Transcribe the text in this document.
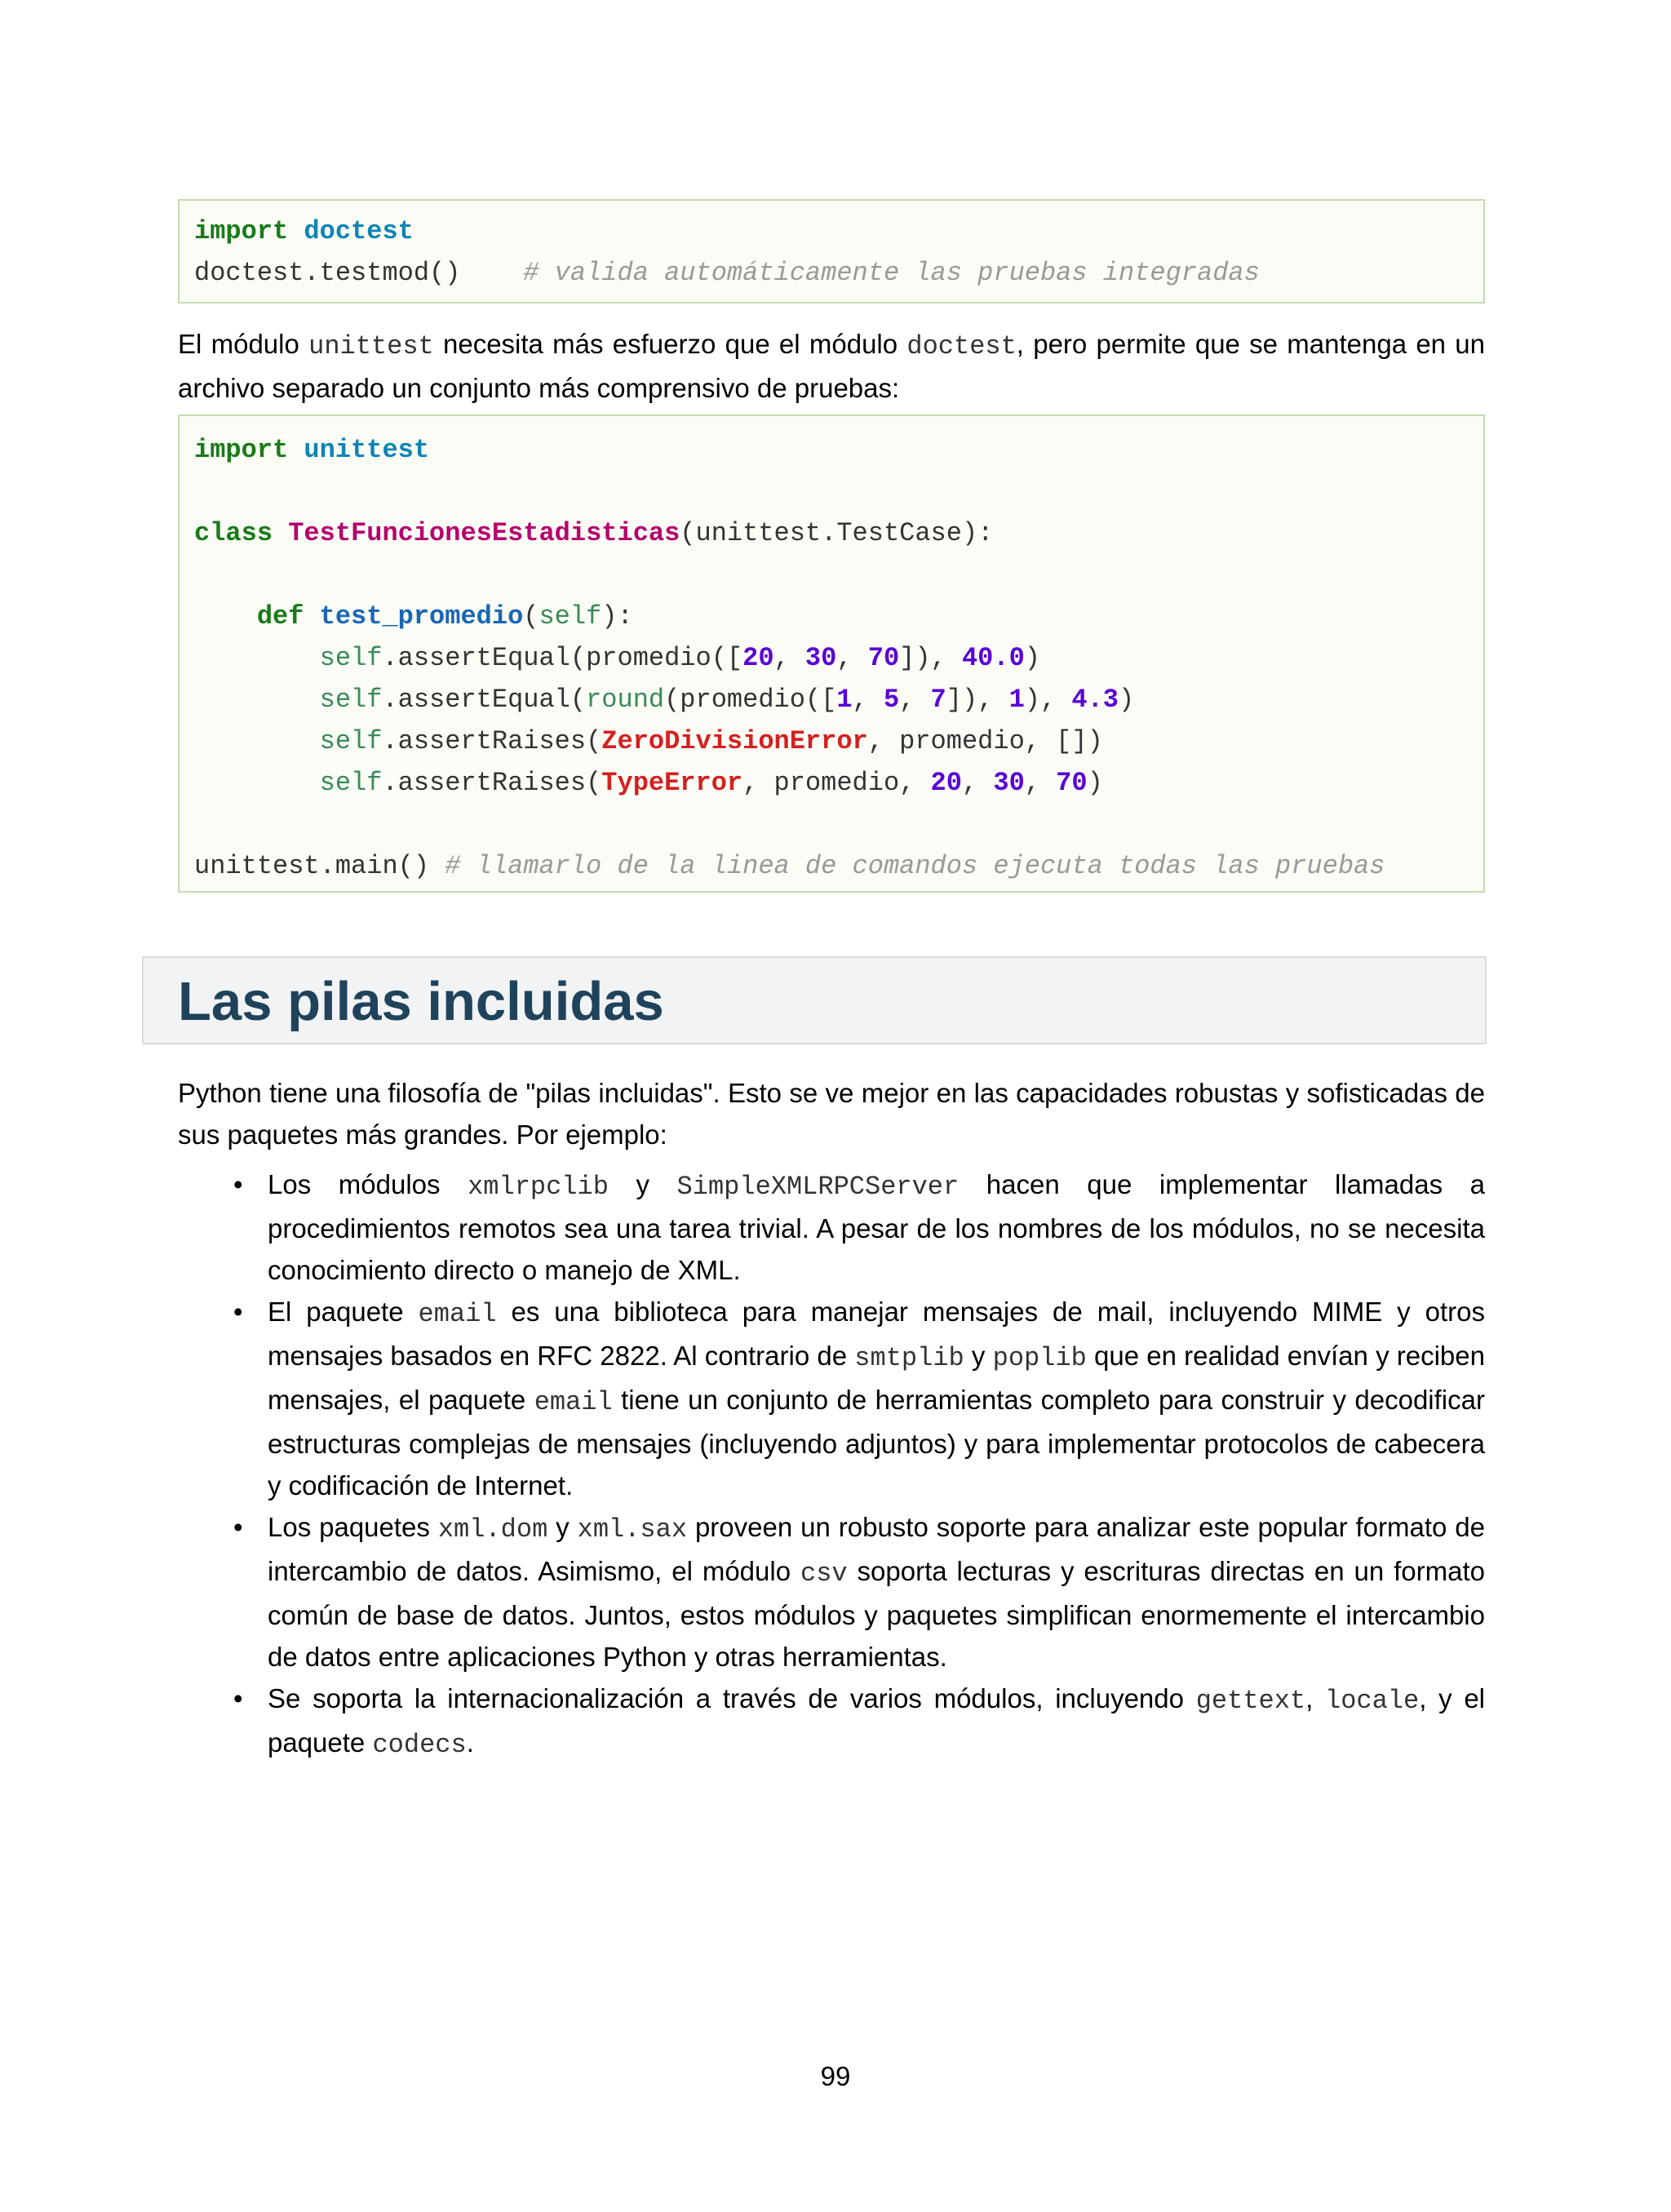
import doctest
doctest.testmod() # valida automáticamente las pruebas integradas
El módulo unittest necesita más esfuerzo que el módulo doctest, pero permite que se mantenga en un archivo separado un conjunto más comprensivo de pruebas:
import unittest

class TestFuncionesEstadisticas(unittest.TestCase):

def test_promedio(self):
self.assertEqual(promedio([20, 30, 70]), 40.0)
self.assertEqual(round(promedio([1, 5, 7]), 1), 4.3)
self.assertRaises(ZeroDivisionError, promedio, [])
self.assertRaises(TypeError, promedio, 20, 30, 70)

unittest.main() # llamarlo de la linea de comandos ejecuta todas las pruebas
Las pilas incluidas
Python tiene una filosofía de "pilas incluidas". Esto se ve mejor en las capacidades robustas y sofisticadas de sus paquetes más grandes. Por ejemplo:
• Los módulos xmlrpclib y SimpleXMLRPCServer hacen que implementar llamadas a procedimientos remotos sea una tarea trivial. A pesar de los nombres de los módulos, no se necesita conocimiento directo o manejo de XML.
• El paquete email es una biblioteca para manejar mensajes de mail, incluyendo MIME y otros mensajes basados en RFC 2822. Al contrario de smtplib y poplib que en realidad envían y reciben mensajes, el paquete email tiene un conjunto de herramientas completo para construir y decodificar estructuras complejas de mensajes (incluyendo adjuntos) y para implementar protocolos de cabecera y codificación de Internet.
• Los paquetes xml.dom y xml.sax proveen un robusto soporte para analizar este popular formato de intercambio de datos. Asimismo, el módulo csv soporta lecturas y escrituras directas en un formato común de base de datos. Juntos, estos módulos y paquetes simplifican enormemente el intercambio de datos entre aplicaciones Python y otras herramientas.
• Se soporta la internacionalización a través de varios módulos, incluyendo gettext, locale, y el paquete codecs.
99
